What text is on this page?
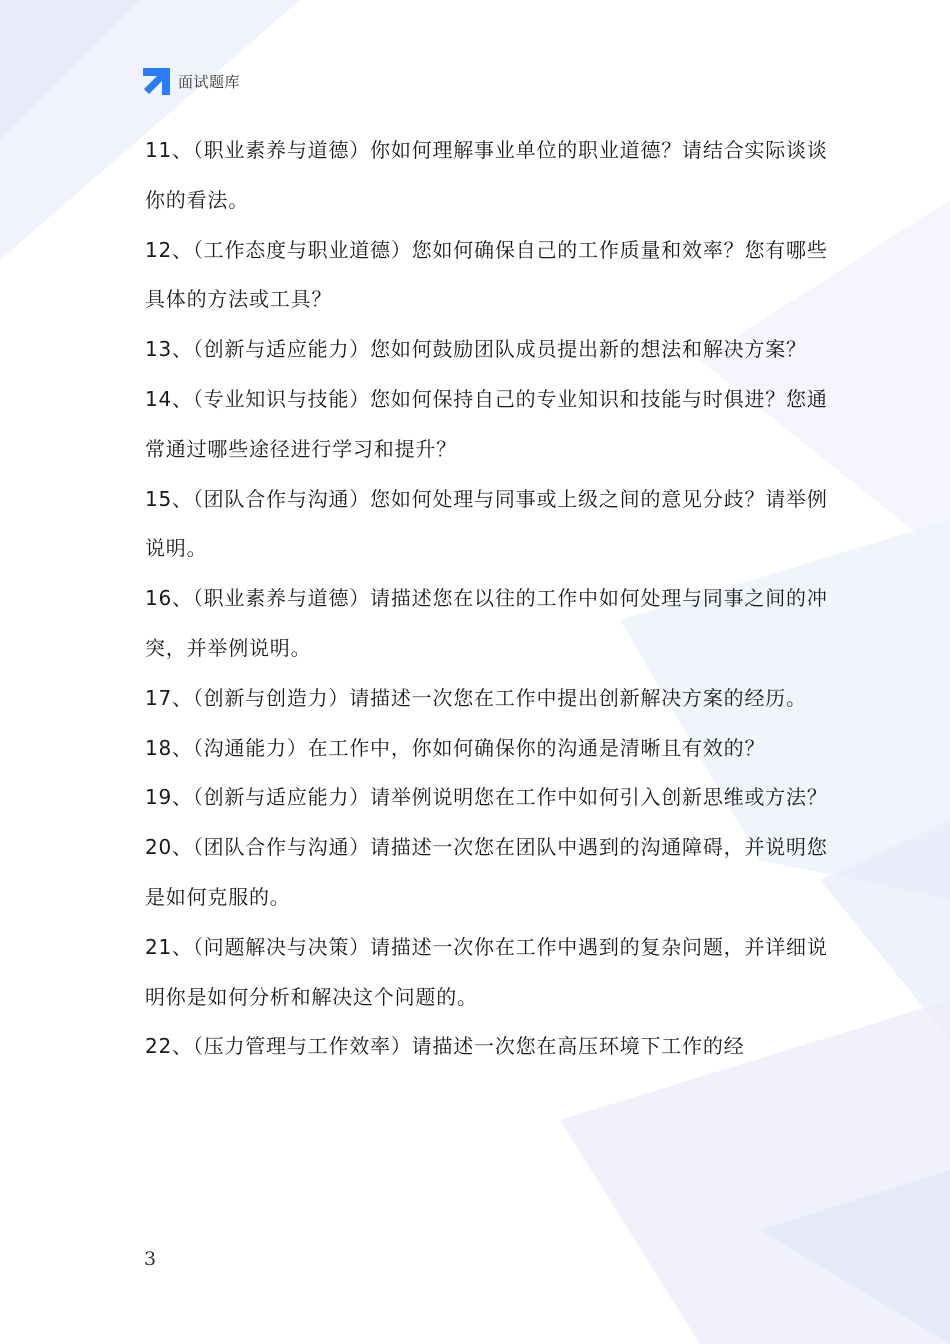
面试题库

11、（职业素养与道德）你如何理解事业单位的职业道德？请结合实际谈谈你的看法。

12、（工作态度与职业道德）您如何确保自己的工作质量和效率？您有哪些具体的方法或工具？

13、（创新与适应能力）您如何鼓励团队成员提出新的想法和解决方案？

14、（专业知识与技能）您如何保持自己的专业知识和技能与时俱进？您通常通过哪些途径进行学习和提升？

15、（团队合作与沟通）您如何处理与同事或上级之间的意见分歧？请举例说明。

16、（职业素养与道德）请描述您在以往的工作中如何处理与同事之间的冲突，并举例说明。

17、（创新与创造力）请描述一次您在工作中提出创新解决方案的经历。

18、（沟通能力）在工作中，你如何确保你的沟通是清晰且有效的？

19、（创新与适应能力）请举例说明您在工作中如何引入创新思维或方法？

20、（团队合作与沟通）请描述一次您在团队中遇到的沟通障碍，并说明您是如何克服的。

21、（问题解决与决策）请描述一次你在工作中遇到的复杂问题，并详细说明你是如何分析和解决这个问题的。

22、（压力管理与工作效率）请描述一次您在高压环境下工作的经

3
